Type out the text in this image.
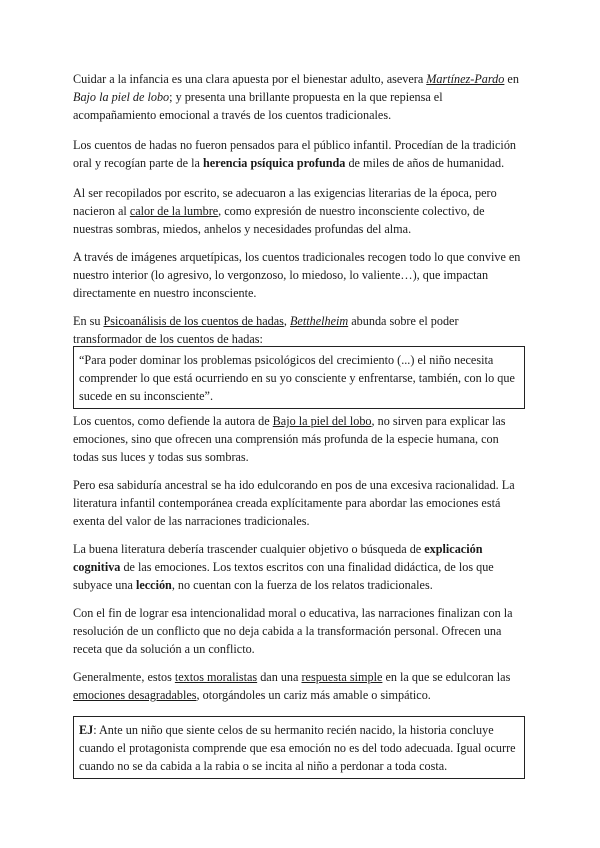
Cuidar a la infancia es una clara apuesta por el bienestar adulto, asevera Martínez-Pardo en Bajo la piel de lobo; y presenta una brillante propuesta en la que repiensa el acompañamiento emocional a través de los cuentos tradicionales.

Los cuentos de hadas no fueron pensados para el público infantil. Procedían de la tradición oral y recogían parte de la herencia psíquica profunda de miles de años de humanidad.

Al ser recopilados por escrito, se adecuaron a las exigencias literarias de la época, pero nacieron al calor de la lumbre, como expresión de nuestro inconsciente colectivo, de nuestras sombras, miedos, anhelos y necesidades profundas del alma.

A través de imágenes arquetípicas, los cuentos tradicionales recogen todo lo que convive en nuestro interior (lo agresivo, lo vergonzoso, lo miedoso, lo valiente…), que impactan directamente en nuestro inconsciente.

En su Psicoanálisis de los cuentos de hadas, Betthelheim abunda sobre el poder transformador de los cuentos de hadas:

“Para poder dominar los problemas psicológicos del crecimiento (...) el niño necesita comprender lo que está ocurriendo en su yo consciente y enfrentarse, también, con lo que sucede en su inconsciente”.

Los cuentos, como defiende la autora de Bajo la piel del lobo, no sirven para explicar las emociones, sino que ofrecen una comprensión más profunda de la especie humana, con todas sus luces y todas sus sombras.

Pero esa sabiduría ancestral se ha ido edulcorando en pos de una excesiva racionalidad. La literatura infantil contemporánea creada explícitamente para abordar las emociones está exenta del valor de las narraciones tradicionales.

La buena literatura debería trascender cualquier objetivo o búsqueda de explicación cognitiva de las emociones. Los textos escritos con una finalidad didáctica, de los que subyace una lección, no cuentan con la fuerza de los relatos tradicionales.

Con el fin de lograr esa intencionalidad moral o educativa, las narraciones finalizan con la resolución de un conflicto que no deja cabida a la transformación personal. Ofrecen una receta que da solución a un conflicto.

Generalmente, estos textos moralistas dan una respuesta simple en la que se edulcoran las emociones desagradables, otorgándoles un cariz más amable o simpático.

EJ: Ante un niño que siente celos de su hermanito recién nacido, la historia concluye cuando el protagonista comprende que esa emoción no es del todo adecuada. Igual ocurre cuando no se da cabida a la rabia o se incita al niño a perdonar a toda costa.
